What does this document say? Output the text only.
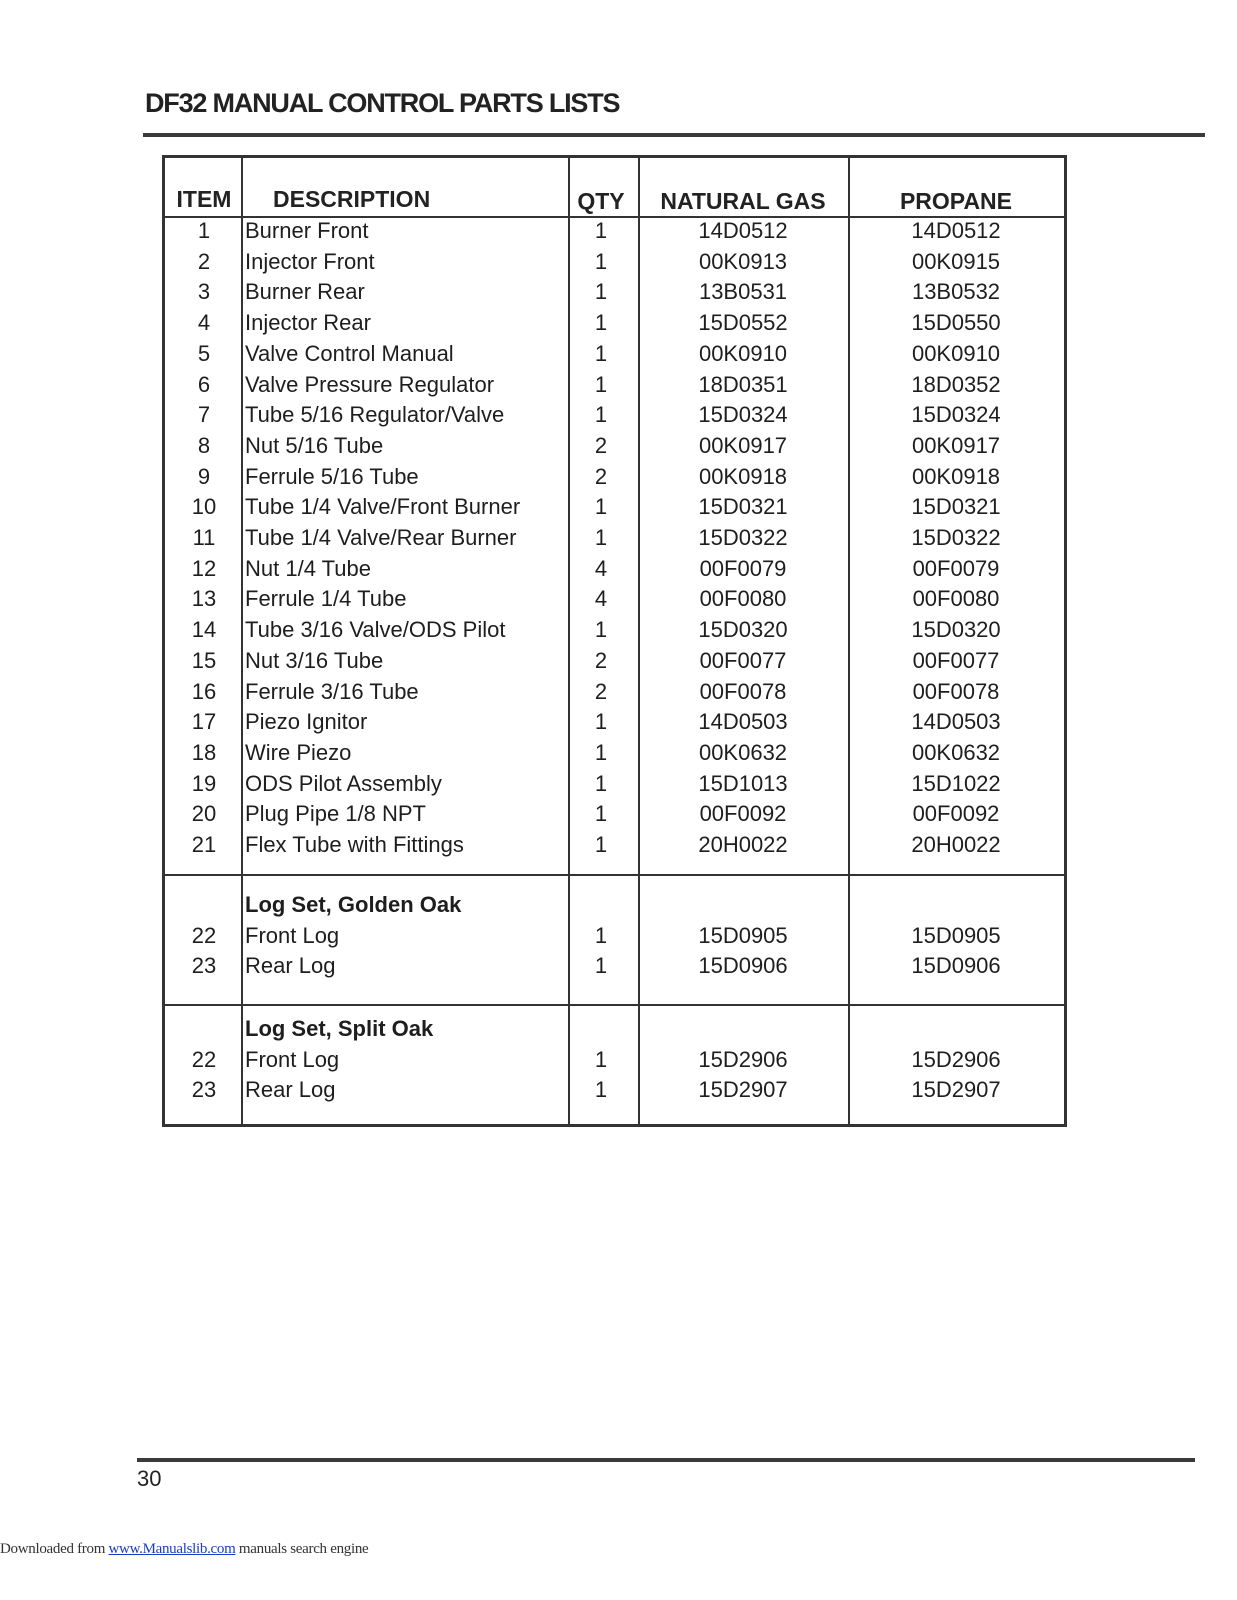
DF32 MANUAL CONTROL PARTS LISTS
ITEM	DESCRIPTION	QTY	NATURAL GAS	PROPANE
1	Burner Front	1	14D0512	14D0512
2	Injector Front	1	00K0913	00K0915
3	Burner Rear	1	13B0531	13B0532
4	Injector Rear	1	15D0552	15D0550
5	Valve Control Manual	1	00K0910	00K0910
6	Valve Pressure Regulator	1	18D0351	18D0352
7	Tube 5/16 Regulator/Valve	1	15D0324	15D0324
8	Nut 5/16 Tube	2	00K0917	00K0917
9	Ferrule 5/16 Tube	2	00K0918	00K0918
10	Tube 1/4 Valve/Front Burner	1	15D0321	15D0321
11	Tube 1/4 Valve/Rear Burner	1	15D0322	15D0322
12	Nut 1/4 Tube	4	00F0079	00F0079
13	Ferrule 1/4 Tube	4	00F0080	00F0080
14	Tube 3/16 Valve/ODS Pilot	1	15D0320	15D0320
15	Nut 3/16 Tube	2	00F0077	00F0077
16	Ferrule 3/16 Tube	2	00F0078	00F0078
17	Piezo Ignitor	1	14D0503	14D0503
18	Wire Piezo	1	00K0632	00K0632
19	ODS Pilot Assembly	1	15D1013	15D1022
20	Plug Pipe 1/8 NPT	1	00F0092	00F0092
21	Flex Tube with Fittings	1	20H0022	20H0022
Log Set, Golden Oak
22	Front Log	1	15D0905	15D0905
23	Rear Log	1	15D0906	15D0906
Log Set, Split Oak
22	Front Log	1	15D2906	15D2906
23	Rear Log	1	15D2907	15D2907
30
Downloaded from www.Manualslib.com manuals search engine
